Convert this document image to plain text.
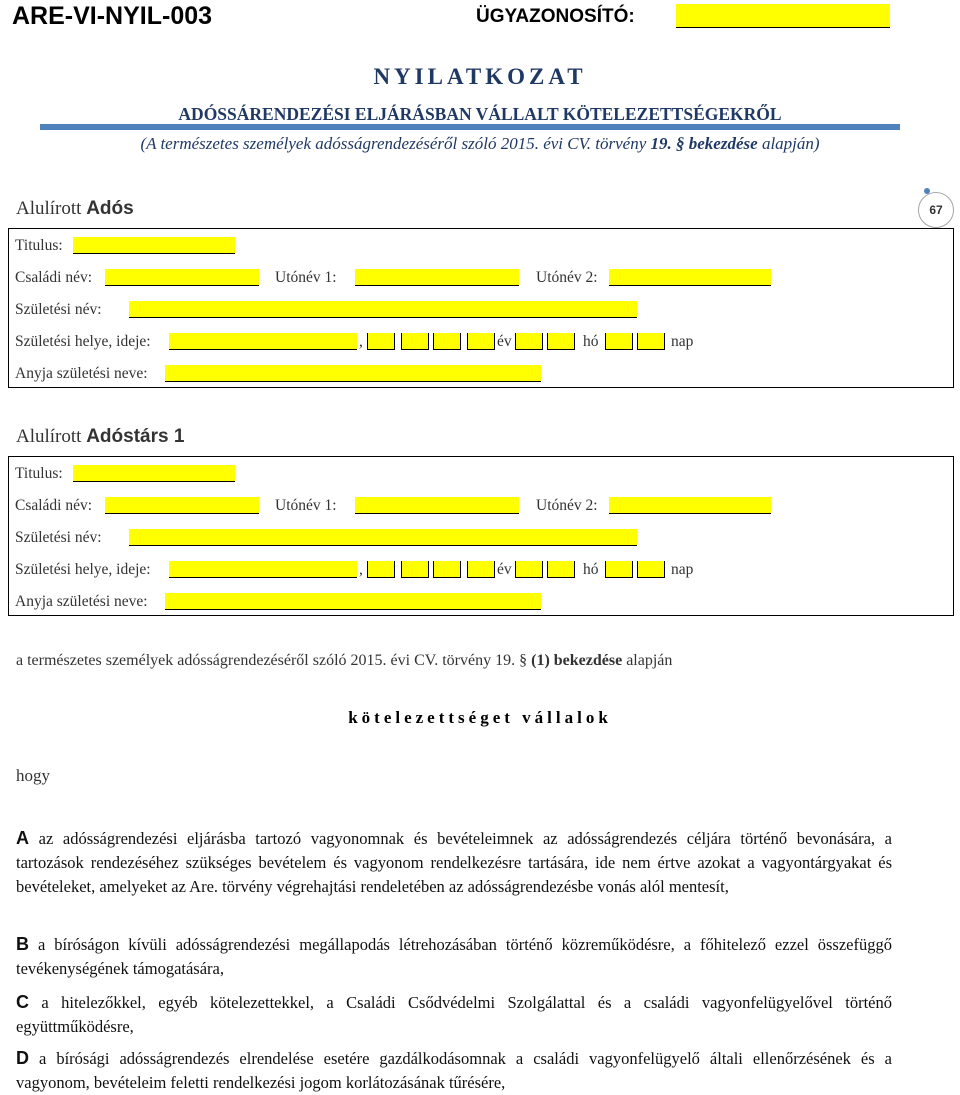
ARE-VI-NYIL-003	ÜGYAZONOSÍTÓ:
NYILATKOZAT
ADÓSSÁRENDEZÉSI ELJÁRÁSBAN VÁLLALT KÖTELEZETTSÉGEKRŐL
(A természetes személyek adósságrendezéséről szóló 2015. évi CV. törvény 19. § bekezdése alapján)
67
Alulírott Adós
Titulus:
Családi név:	Utónév 1:	Utónév 2:
Születési név:
Születési helye, ideje:	,	év	hó	nap
Anyja születési neve:
Alulírott Adóstárs 1
Titulus:
Családi név:	Utónév 1:	Utónév 2:
Születési név:
Születési helye, ideje:	,	év	hó	nap
Anyja születési neve:
a természetes személyek adósságrendezéséről szóló 2015. évi CV. törvény 19. § (1) bekezdése alapján
kötelezettséget vállalok
hogy
A az adósságrendezési eljárásba tartozó vagyonomnak és bevételeimnek az adósságrendezés céljára történő bevonására, a tartozások rendezéséhez szükséges bevételem és vagyonom rendelkezésre tartására, ide nem értve azokat a vagyontárgyakat és bevételeket, amelyeket az Are. törvény végrehajtási rendeletében az adósságrendezésbe vonás alól mentesít,
B a bíróságon kívüli adósságrendezési megállapodás létrehozásában történő közreműködésre, a főhitelező ezzel összefüggő tevékenységének támogatására,
C a hitelezőkkel, egyéb kötelezettekkel, a Családi Csődvédelmi Szolgálattal és a családi vagyonfelügyelővel történő együttműködésre,
D a bírósági adósságrendezés elrendelése esetére gazdálkodásomnak a családi vagyonfelügyelő általi ellenőrzésének és a vagyonom, bevételeim feletti rendelkezési jogom korlátozásának tűrésére,
